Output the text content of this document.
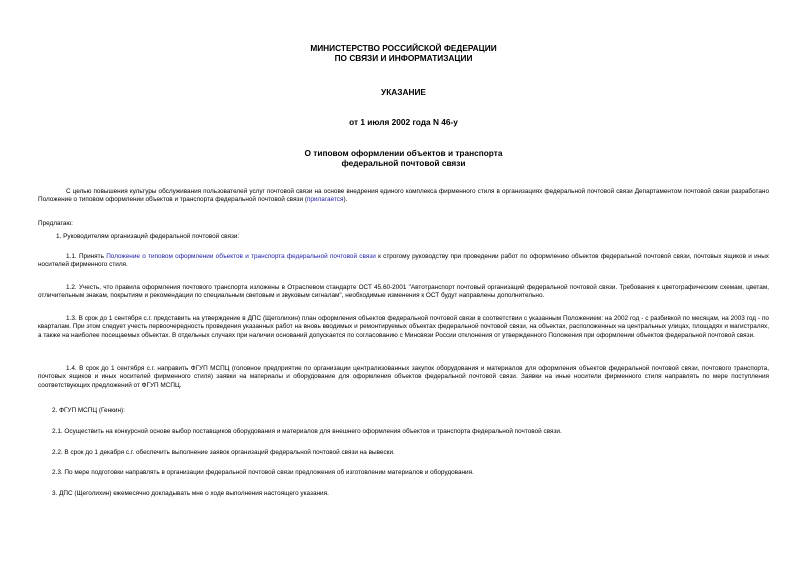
МИНИСТЕРСТВО РОССИЙСКОЙ ФЕДЕРАЦИИ
ПО СВЯЗИ И ИНФОРМАТИЗАЦИИ
УКАЗАНИЕ
от 1 июля 2002 года N 46-у
О типовом оформлении объектов и транспорта
федеральной почтовой связи

С целью повышения культуры обслуживания пользователей услуг почтовой связи на основе внедрения единого комплекса фирменного стиля в организациях федеральной почтовой связи Департаментом почтовой связи разработано Положение о типовом оформлении объектов и транспорта федеральной почтовой связи (прилагается).

Предлагаю:

1. Руководителям организаций федеральной почтовой связи:

1.1. Принять Положение о типовом оформлении объектов и транспорта федеральной почтовой связи к строгому руководству при проведении работ по оформлению объектов федеральной почтовой связи, почтовых ящиков и иных носителей фирменного стиля.

1.2. Учесть, что правила оформления почтового транспорта изложены в Отраслевом стандарте ОСТ 45.60-2001 "Автотранспорт почтовый организаций федеральной почтовой связи. Требования к цветографическим схемам, цветам, отличительным знакам, покрытиям и рекомендации по специальным световым и звуковым сигналам", необходимые изменения к ОСТ будут направлены дополнительно.

1.3. В срок до 1 сентября с.г. представить на утверждение в ДПС (Щеголихин) план оформления объектов федеральной почтовой связи в соответствии с указанным Положением: на 2002 год - с разбивкой по месяцам, на 2003 год - по кварталам. При этом следует учесть первоочередность проведения указанных работ на вновь вводимых и ремонтируемых объектах федеральной почтовой связи, на объектах, расположенных на центральных улицах, площадях и магистралях, а также на наиболее посещаемых объектах. В отдельных случаях при наличии оснований допускается по согласованию с Минсвязи России отклонения от утвержденного Положения при оформлении объектов федеральной почтовой связи.

1.4. В срок до 1 сентября с.г. направить ФГУП МСПЦ (головное предприятие по организации централизованных закупок оборудования и материалов для оформления объектов федеральной почтовой связи, почтового транспорта, почтовых ящиков и иных носителей фирменного стиля) заявки на материалы и оборудование для оформления объектов федеральной почтовой связи. Заявки на иные носители фирменного стиля направлять по мере поступления соответствующих предложений от ФГУП МСПЦ.

2. ФГУП МСПЦ (Генкин):

2.1. Осуществить на конкурсной основе выбор поставщиков оборудования и материалов для внешнего оформления объектов и транспорта федеральной почтовой связи.

2.2. В срок до 1 декабря с.г. обеспечить выполнение заявок организаций федеральной почтовой связи на вывески.

2.3. По мере подготовки направлять в организации федеральной почтовой связи предложения об изготовлении материалов и оборудования.

3. ДПС (Щеголихин) ежемесячно докладывать мне о ходе выполнения настоящего указания.
